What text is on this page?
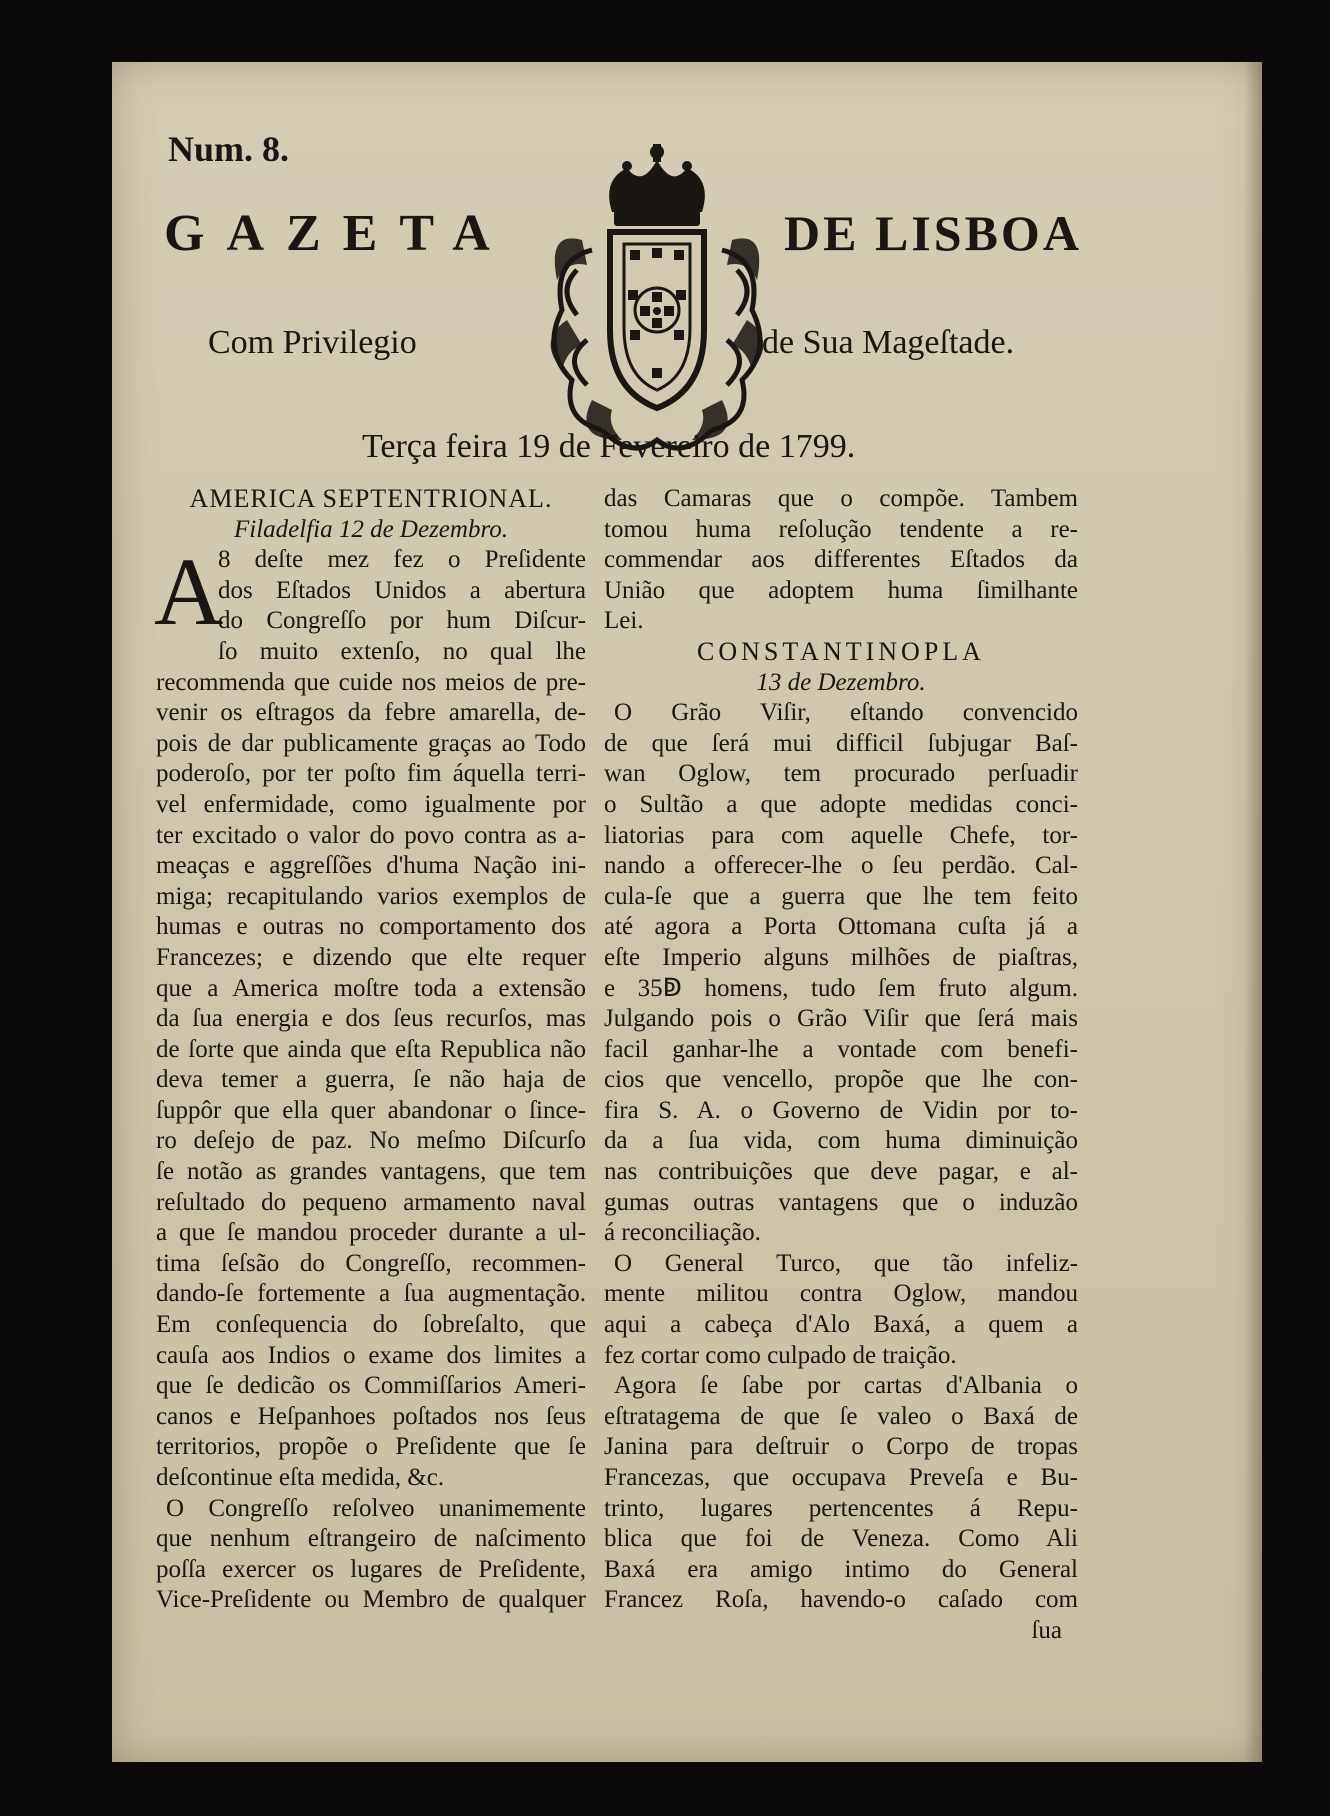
Num. 8.
GAZETA	DE LISBOA
Com Privilegio	de Sua Mageſtade.
Terça feira 19 de Fevereiro de 1799.
AMERICA SEPTENTRIONAL.
Filadelfia 12 de Dezembro.
A
8 deſte mez fez o Preſidente
dos Eſtados Unidos a abertura
do Congreſſo por hum Diſcur-
ſo muito extenſo, no qual lhe
recommenda que cuide nos meios de pre-
venir os eſtragos da febre amarella, de-
pois de dar publicamente graças ao Todo
poderoſo, por ter poſto fim áquella terri-
vel enfermidade, como igualmente por
ter excitado o valor do povo contra as a-
meaças e aggreſſões d'huma Nação ini-
miga; recapitulando varios exemplos de
humas e outras no comportamento dos
Francezes; e dizendo que elte requer
que a America moſtre toda a extensão
da ſua energia e dos ſeus recurſos, mas
de ſorte que ainda que eſta Republica não
deva temer a guerra, ſe não haja de
ſuppôr que ella quer abandonar o ſince-
ro deſejo de paz. No meſmo Diſcurſo
ſe notão as grandes vantagens, que tem
reſultado do pequeno armamento naval
a que ſe mandou proceder durante a ul-
tima ſeſsão do Congreſſo, recommen-
dando-ſe fortemente a ſua augmentação.
Em conſequencia do ſobreſalto, que
cauſa aos Indios o exame dos limites a
que ſe dedicão os Commiſſarios Ameri-
canos e Heſpanhoes poſtados nos ſeus
territorios, propõe o Preſidente que ſe
deſcontinue eſta medida, &c.
O Congreſſo reſolveo unanimemente
que nenhum eſtrangeiro de naſcimento
poſſa exercer os lugares de Preſidente,
Vice-Preſidente ou Membro de qualquer
das Camaras que o compõe. Tambem
tomou huma reſolução tendente a re-
commendar aos differentes Eſtados da
União que adoptem huma ſimilhante
Lei.
CONSTANTINOPLA
13 de Dezembro.
O Grão Viſir, eſtando convencido
de que ſerá mui difficil ſubjugar Baſ-
wan Oglow, tem procurado perſuadir
o Sultão a que adopte medidas conci-
liatorias para com aquelle Chefe, tor-
nando a offerecer-lhe o ſeu perdão. Cal-
cula-ſe que a guerra que lhe tem feito
até agora a Porta Ottomana cuſta já a
eſte Imperio alguns milhões de piaſtras,
e 35ↁ homens, tudo ſem fruto algum.
Julgando pois o Grão Viſir que ſerá mais
facil ganhar-lhe a vontade com benefi-
cios que vencello, propõe que lhe con-
fira S. A. o Governo de Vidin por to-
da a ſua vida, com huma diminuição
nas contribuições que deve pagar, e al-
gumas outras vantagens que o induzão
á reconciliação.
O General Turco, que tão infeliz-
mente militou contra Oglow, mandou
aqui a cabeça d'Alo Baxá, a quem a
fez cortar como culpado de traição.
Agora ſe ſabe por cartas d'Albania o
eſtratagema de que ſe valeo o Baxá de
Janina para deſtruir o Corpo de tropas
Francezas, que occupava Preveſa e Bu-
trinto, lugares pertencentes á Repu-
blica que foi de Veneza. Como Ali
Baxá era amigo intimo do General
Francez Roſa, havendo-o caſado com
ſua
